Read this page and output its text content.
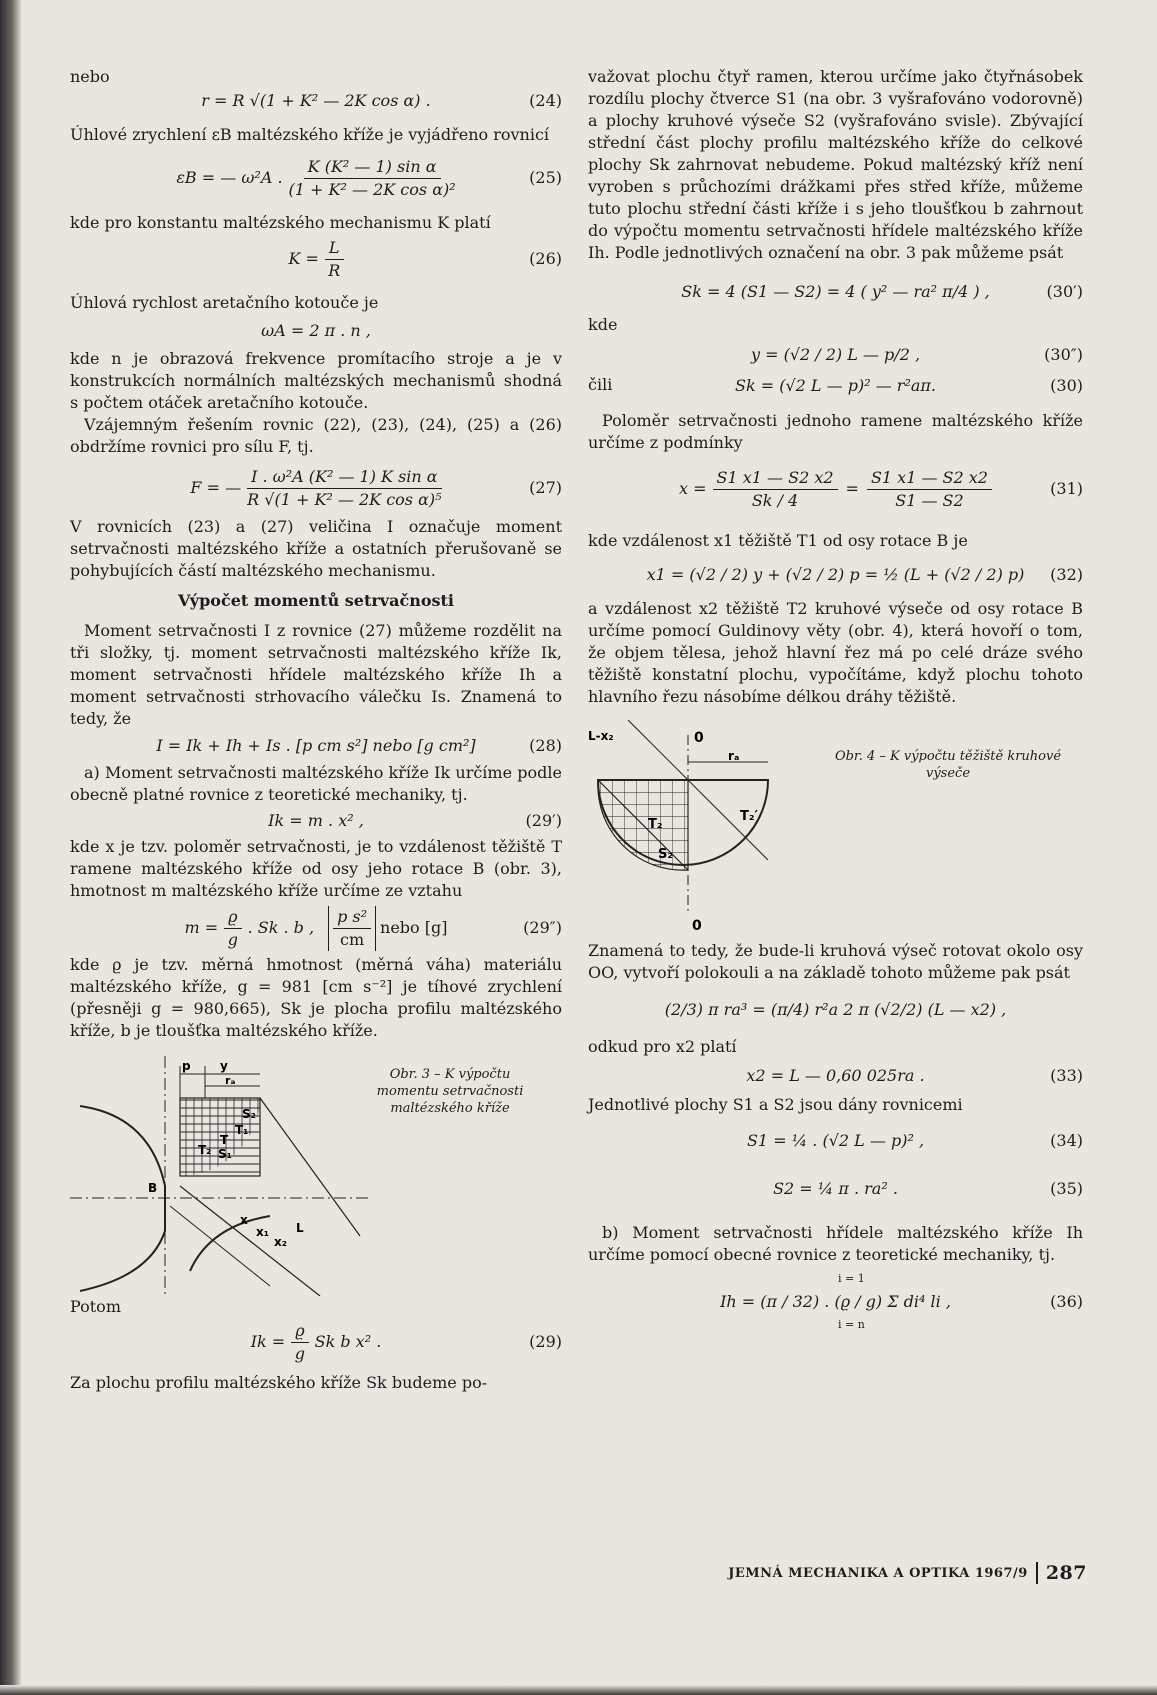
nebo

r = R √(1 + K² — 2K cos α) .	(24)

Úhlové zrychlení εB maltézského kříže je vyjádřeno rovnicí

εB = — ω²A .
K (K² — 1) sin α
(1 + K² — 2K cos α)²
(25)

kde pro konstantu maltézského mechanismu K platí

$K = \frac{L}{R}$	(26)

Úhlová rychlost aretačního kotouče je

ωA = 2 π . n ,

kde n je obrazová frekvence promítacího stroje a je v konstrukcích normálních maltézských mechanismů shodná s počtem otáček aretačního kotouče.

Vzájemným řešením rovnic (22), (23), (24), (25) a (26) obdržíme rovnici pro sílu F, tj.

F = —
I . ω²A (K² — 1) K sin α
R √(1 + K² — 2K cos α)⁵
(27)

V rovnicích (23) a (27) veličina I označuje moment setrvačnosti maltézského kříže a ostatních přerušovaně se pohybujících částí maltézského mechanismu.

Výpočet momentů setrvačnosti

Moment setrvačnosti I z rovnice (27) můžeme rozdělit na tři složky, tj. moment setrvačnosti maltézského kříže Ik, moment setrvačnosti hřídele maltézského kříže Ih a moment setrvačnosti strhovacího válečku Is. Znamená to tedy, že

I = Ik + Ih + Is . [p cm s²] nebo [g cm²]	(28)

a) Moment setrvačnosti maltézského kříže Ik určíme podle obecně platné rovnice z teoretické mechaniky, tj.

Ik = m . x² ,	(29′)

kde x je tzv. poloměr setrvačnosti, je to vzdálenost těžiště T ramene maltézského kříže od osy jeho rotace B (obr. 3), hmotnost m maltézského kříže určíme ze vztahu

$m = \frac{ϱ}{g}$ . Sk . b ,
p s²
cm
nebo [g]	(29″)

kde ϱ je tzv. měrná hmotnost (měrná váha) materiálu maltézského kříže, g = 981 [cm s⁻²] je tíhové zrychlení (přesněji g = 980,665), Sk je plocha profilu maltézského kříže, b je tloušťka maltézského kříže.

p y
rₐ
T₁
T
S₁
S₂
T₂
B
x
x₁
x₂
L
Obr. 3 – K výpočtu momentu setrvačnosti maltézského kříže

Potom

$Ik = \frac{ϱ}{g}$ Sk b x² .	(29)

Za plochu profilu maltézského kříže Sk budeme po-

važovat plochu čtyř ramen, kterou určíme jako čtyřnásobek rozdílu plochy čtverce S1 (na obr. 3 vyšrafováno vodorovně) a plochy kruhové výseče S2 (vyšrafováno svisle). Zbývající střední část plochy profilu maltézského kříže do celkové plochy Sk zahrnovat nebudeme. Pokud maltézský kříž není vyroben s průchozími drážkami přes střed kříže, můžeme tuto plochu střední části kříže i s jeho tloušťkou b zahrnout do výpočtu momentu setrvačnosti hřídele maltézského kříže Ih. Podle jednotlivých označení na obr. 3 pak můžeme psát

Sk = 4 (S1 — S2) = 4 ( y² — ra² π/4 ) ,	(30′)

kde

y = (√2 / 2) L — p/2 ,	(30″)

čili	Sk = (√2 L — p)² — r²aπ.	(30)

Poloměr setrvačnosti jednoho ramene maltézského kříže určíme z podmínky

$x = \frac{S1 x1 — S2 x2}{Sk / 4} = \frac{S1 x1 — S2 x2}{S1 — S2}$	(31)

kde vzdálenost x1 těžiště T1 od osy rotace B je

x1 = (√2 / 2) y + (√2 / 2) p = ½ (L + (√2 / 2) p) (32)

a vzdálenost x2 těžiště T2 kruhové výseče od osy rotace B určíme pomocí Guldinovy věty (obr. 4), která hovoří o tom, že objem tělesa, jehož hlavní řez má po celé dráze svého těžiště konstatní plochu, vypočítáme, když plochu tohoto hlavního řezu násobíme délkou dráhy těžiště.

L-x₂	0
rₐ
T₂
T₂′
S₂
0
Obr. 4 – K výpočtu těžiště kruhové výseče

Znamená to tedy, že bude-li kruhová výseč rotovat okolo osy OO, vytvoří polokouli a na základě tohoto můžeme pak psát

(2/3) π ra³ = (π/4) r²a 2 π (√2/2) (L — x2) ,

odkud pro x2 platí

x2 = L — 0,60 025ra .	(33)

Jednotlivé plochy S1 a S2 jsou dány rovnicemi

S1 = ¼ . (√2 L — p)² ,	(34)
S2 = ¼ π . ra² .	(35)

b) Moment setrvačnosti hřídele maltézského kříže Ih určíme pomocí obecné rovnice z teoretické mechaniky, tj.

Ih = (π / 32) . (ϱ / g) Σ di⁴ li ,
i = 1
i = n
(36)
JEMNÁ MECHANIKA A OPTIKA 1967/9 287
